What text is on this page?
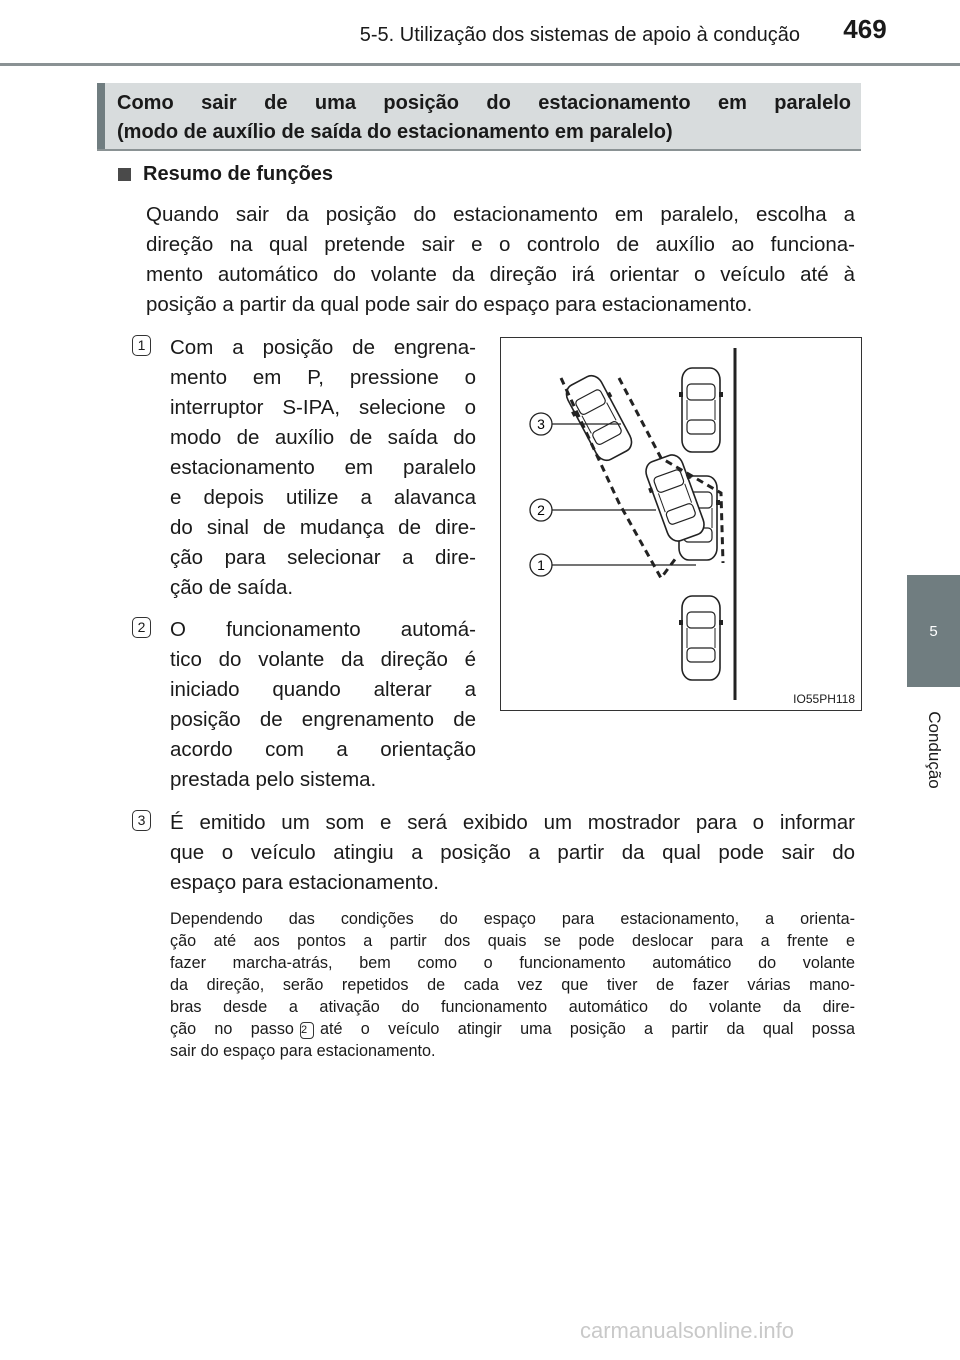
5-5. Utilização dos sistemas de apoio à condução	469
5
Condução
Como sair de uma posição do estacionamento em paralelo
(modo de auxílio de saída do estacionamento em paralelo)
Resumo de funções
Quando sair da posição do estacionamento em paralelo, escolha a
direção na qual pretende sair e o controlo de auxílio ao funciona-
mento automático do volante da direção irá orientar o veículo até à
posição a partir da qual pode sair do espaço para estacionamento.
1 Com a posição de engrena-
mento em P, pressione o
interruptor S-IPA, selecione o
modo de auxílio de saída do
estacionamento em paralelo
e depois utilize a alavanca
do sinal de mudança de dire-
ção para selecionar a dire-
ção de saída.
2 O funcionamento automá-
tico do volante da direção é
iniciado quando alterar a
posição de engrenamento de
acordo com a orientação
prestada pelo sistema.
3 É emitido um som e será exibido um mostrador para o informar
que o veículo atingiu a posição a partir da qual pode sair do
espaço para estacionamento.
Dependendo das condições do espaço para estacionamento, a orienta-
ção até aos pontos a partir dos quais se pode deslocar para a frente e
fazer marcha-atrás, bem como o funcionamento automático do volante
da direção, serão repetidos de cada vez que tiver de fazer várias mano-
bras desde a ativação do funcionamento automático do volante da dire-
ção no passo 2 até o veículo atingir uma posição a partir da qual possa
sair do espaço para estacionamento.
3
2
1
IO55PH118
carmanualsonline.info
